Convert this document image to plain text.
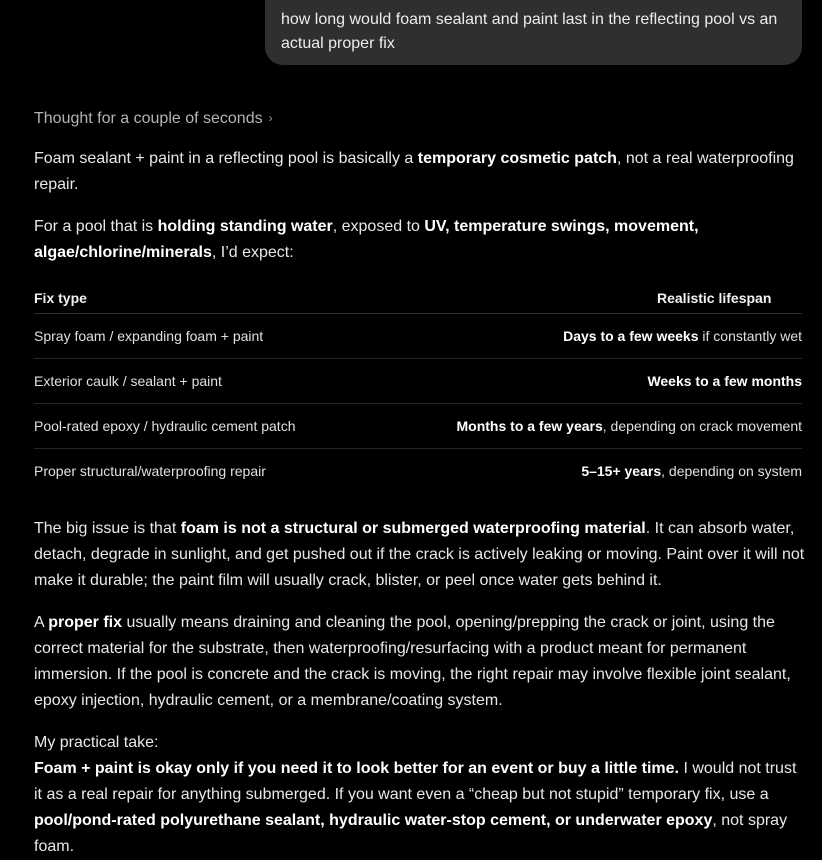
how long would foam sealant and paint last in the reflecting pool vs an actual proper fix
Thought for a couple of seconds ›
Foam sealant + paint in a reflecting pool is basically a temporary cosmetic patch, not a real waterproofing repair.
For a pool that is holding standing water, exposed to UV, temperature swings, movement, algae/chlorine/minerals, I’d expect:
Fix type	Realistic lifespan
Spray foam / expanding foam + paint	Days to a few weeks if constantly wet
Exterior caulk / sealant + paint	Weeks to a few months
Pool-rated epoxy / hydraulic cement patch	Months to a few years, depending on crack movement
Proper structural/waterproofing repair	5–15+ years, depending on system
The big issue is that foam is not a structural or submerged waterproofing material. It can absorb water, detach, degrade in sunlight, and get pushed out if the crack is actively leaking or moving. Paint over it will not make it durable; the paint film will usually crack, blister, or peel once water gets behind it.
A proper fix usually means draining and cleaning the pool, opening/prepping the crack or joint, using the correct material for the substrate, then waterproofing/resurfacing with a product meant for permanent immersion. If the pool is concrete and the crack is moving, the right repair may involve flexible joint sealant, epoxy injection, hydraulic cement, or a membrane/coating system.
My practical take:
Foam + paint is okay only if you need it to look better for an event or buy a little time. I would not trust it as a real repair for anything submerged. If you want even a “cheap but not stupid” temporary fix, use a pool/pond-rated polyurethane sealant, hydraulic water-stop cement, or underwater epoxy, not spray foam.
